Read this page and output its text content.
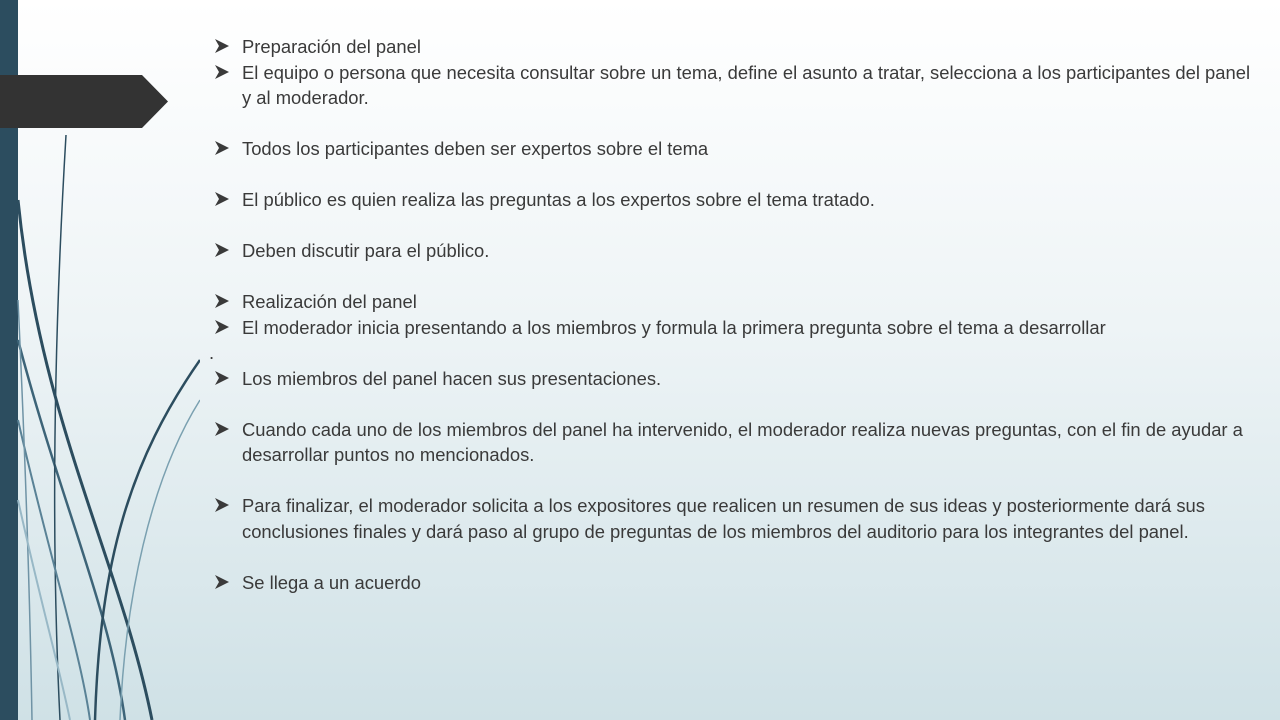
Preparación del panel
El equipo o persona que necesita consultar sobre un tema, define el asunto a tratar, selecciona a los participantes del panel y al moderador.
Todos los participantes deben ser expertos sobre el tema
El público es quien realiza las preguntas a los expertos sobre el tema tratado.
Deben discutir para el público.
Realización del panel
El moderador inicia presentando a los miembros y formula la primera pregunta sobre el tema a desarrollar
.

Los miembros del panel hacen sus presentaciones.
Cuando cada uno de los miembros del panel ha intervenido, el moderador realiza nuevas preguntas, con el fin de ayudar a desarrollar puntos no mencionados.
Para finalizar, el moderador solicita a los expositores que realicen un resumen de sus ideas y posteriormente dará sus conclusiones finales y dará paso al grupo de preguntas de los miembros del auditorio para los integrantes del panel.
Se llega a un acuerdo
